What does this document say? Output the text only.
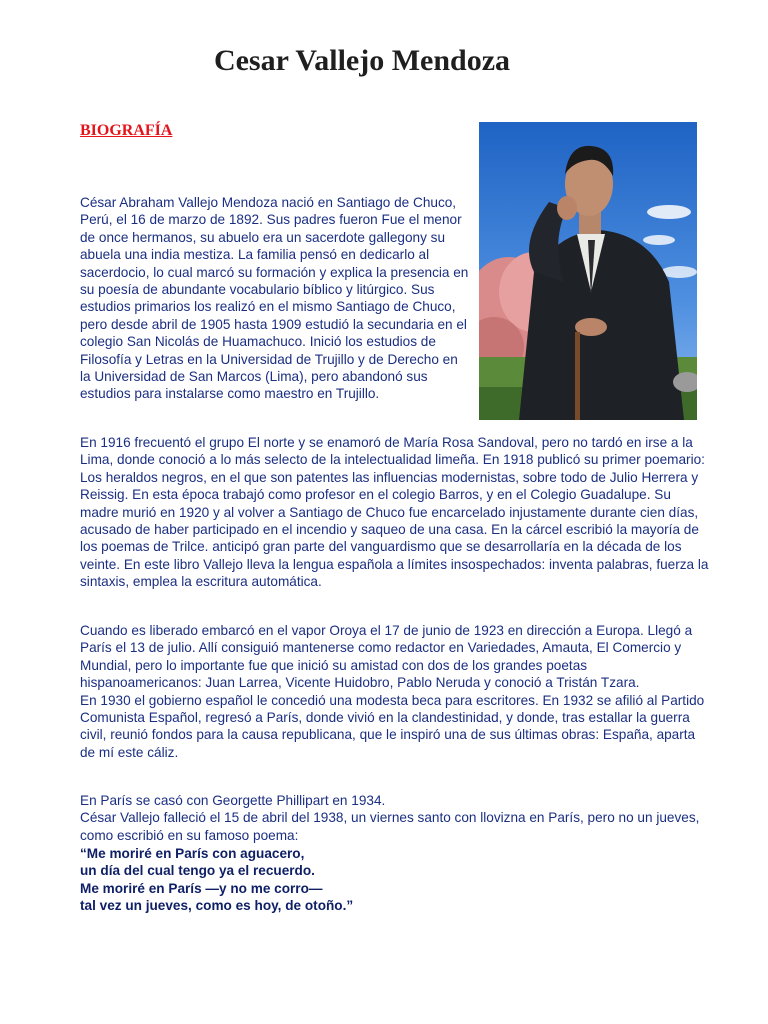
Cesar Vallejo Mendoza
BIOGRAFÍA

César Abraham Vallejo Mendoza nació en Santiago de Chuco, Perú, el 16 de marzo de 1892. Sus padres fueron Fue el menor de once hermanos, su abuelo era un sacerdote gallegony su abuela una india mestiza. La familia pensó en dedicarlo al sacerdocio, lo cual marcó su formación y explica la presencia en su poesía de abundante vocabulario bíblico y litúrgico. Sus estudios primarios los realizó en el mismo Santiago de Chuco, pero desde abril de 1905 hasta 1909 estudió la secundaria en el colegio San Nicolás de Huamachuco. Inició los estudios de Filosofía y Letras en la Universidad de Trujillo y de Derecho en la Universidad de San Marcos (Lima), pero abandonó sus estudios para instalarse como maestro en Trujillo.

En 1916 frecuentó el grupo El norte y se enamoró de María Rosa Sandoval, pero no tardó en irse a la Lima, donde conoció a lo más selecto de la intelectualidad limeña. En 1918 publicó su primer poemario: Los heraldos negros, en el que son patentes las influencias modernistas, sobre todo de Julio Herrera y Reissig. En esta época trabajó como profesor en el colegio Barros, y en el Colegio Guadalupe. Su madre murió en 1920 y al volver a Santiago de Chuco fue encarcelado injustamente durante cien días, acusado de haber participado en el incendio y saqueo de una casa. En la cárcel escribió la mayoría de los poemas de Trilce. anticipó gran parte del vanguardismo que se desarrollaría en la década de los veinte. En este libro Vallejo lleva la lengua española a límites insospechados: inventa palabras, fuerza la sintaxis, emplea la escritura automática.

Cuando es liberado embarcó en el vapor Oroya el 17 de junio de 1923 en dirección a Europa. Llegó a París el 13 de julio. Allí consiguió mantenerse como redactor en Variedades, Amauta, El Comercio y Mundial, pero lo importante fue que inició su amistad con dos de los grandes poetas hispanoamericanos: Juan Larrea, Vicente Huidobro, Pablo Neruda y conoció a Tristán Tzara.
En 1930 el gobierno español le concedió una modesta beca para escritores. En 1932 se afilió al Partido Comunista Español, regresó a París, donde vivió en la clandestinidad, y donde, tras estallar la guerra civil, reunió fondos para la causa republicana, que le inspiró una de sus últimas obras: España, aparta de mí este cáliz.
En París se casó con Georgette Phillipart en 1934.
César Vallejo falleció el 15 de abril del 1938, un viernes santo con llovizna en París, pero no un jueves, como escribió en su famoso poema:
“Me moriré en París con aguacero,
un día del cual tengo ya el recuerdo.
Me moriré en París —y no me corro—
tal vez un jueves, como es hoy, de otoño.”
